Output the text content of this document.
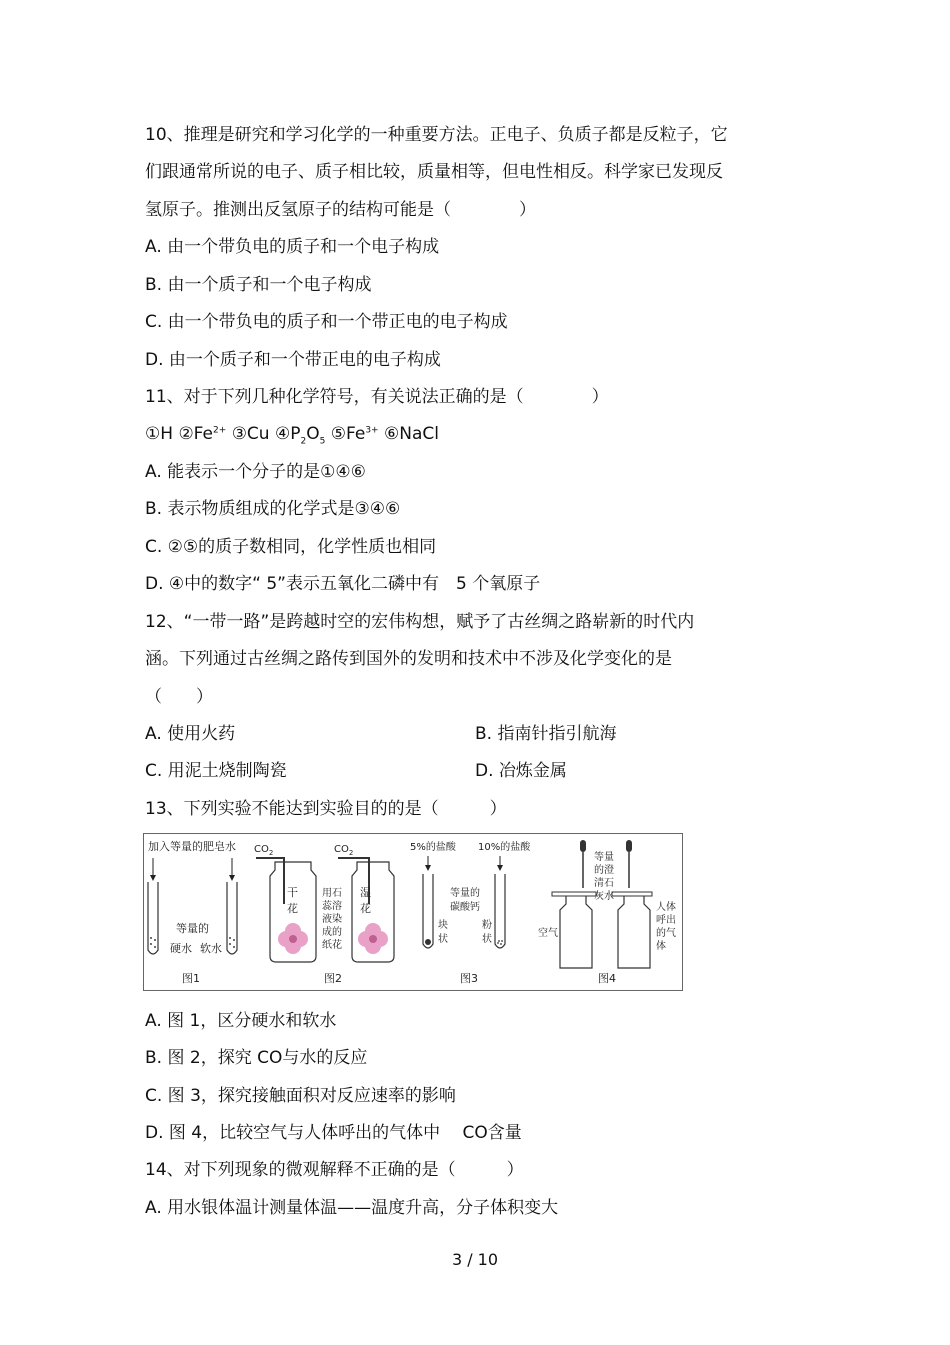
10、推理是研究和学习化学的一种重要方法。正电子、负质子都是反粒子，它
们跟通常所说的电子、质子相比较，质量相等，但电性相反。科学家已发现反
氢原子。推测出反氢原子的结构可能是（　　　　）
A. 由一个带负电的质子和一个电子构成
B. 由一个质子和一个电子构成
C. 由一个带负电的质子和一个带正电的电子构成
D. 由一个质子和一个带正电的电子构成
11、对于下列几种化学符号，有关说法正确的是（　　　　）
①H $②Fe^{2+}$ ③Cu $④P_2O_5$ $⑤Fe^{3+}$ ⑥NaCl
A. 能表示一个分子的是①④⑥
B. 表示物质组成的化学式是③④⑥
C. ②⑤的质子数相同，化学性质也相同
D. ④中的数字“ 5”表示五氧化二磷中有　5 个氧原子
12、“一带一路”是跨越时空的宏伟构想，赋予了古丝绸之路崭新的时代内
涵。下列通过古丝绸之路传到国外的发明和技术中不涉及化学变化的是
（　　）
A. 使用火药	B. 指南针指引航海
C. 用泥土烧制陶瓷	D. 冶炼金属
13、下列实验不能达到实验目的的是（　　　）
加入等量的肥皂水
等量的
硬水 软水
图1
$CO_2$
干
花
用石
蕊溶
液染
成的
纸花
$CO_2$
湿
花
图2
5%的盐酸 10%的盐酸
等量的
碳酸钙
块
状
粉
状
图3
等量
的澄
清石
灰水
空气
人体
呼出
的气
体
图4
A. 图 1，区分硬水和软水
B. 图 2，探究 CO与水的反应
C. 图 3，探究接触面积对反应速率的影响
D. 图 4，比较空气与人体呼出的气体中　 CO含量
14、对下列现象的微观解释不正确的是（　　　）
A. 用水银体温计测量体温——温度升高，分子体积变大
3 / 10
